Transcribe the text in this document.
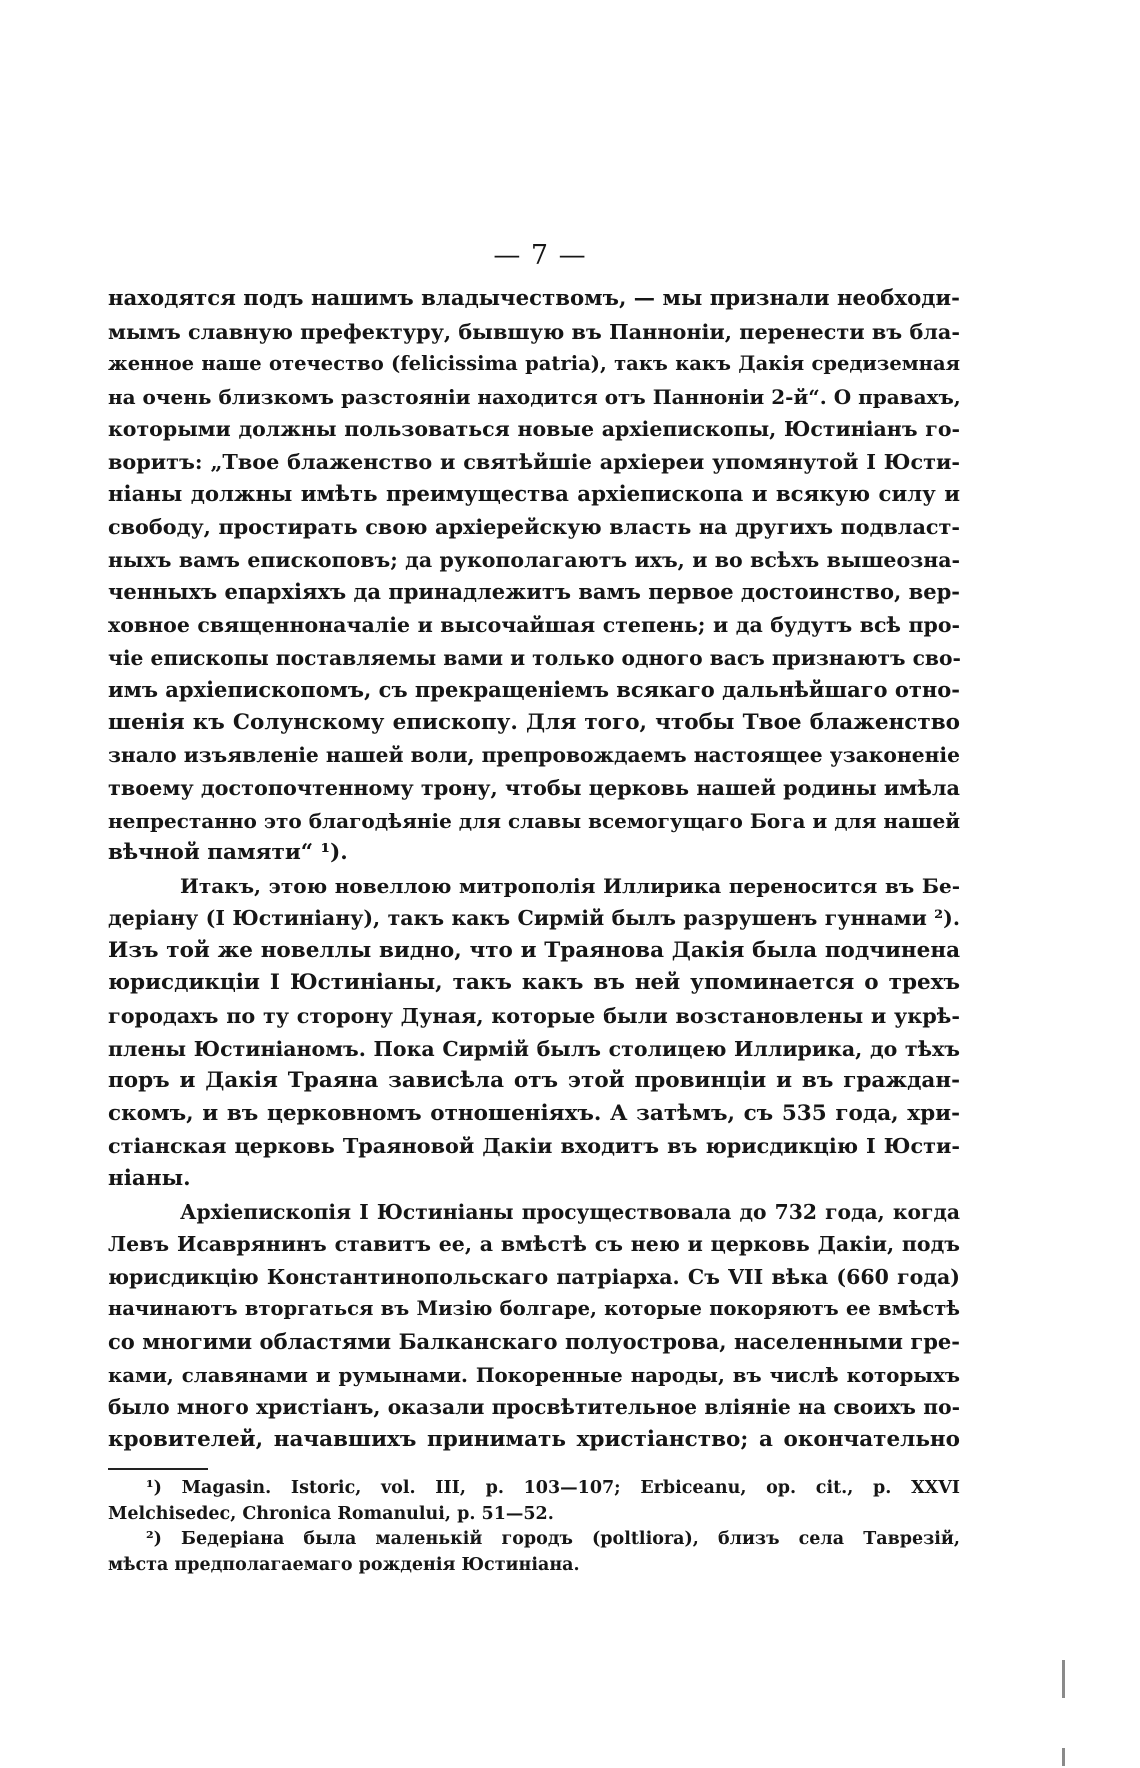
— 7 —
находятся подъ нашимъ владычествомъ, — мы признали необходи-
мымъ славную префектуру, бывшую въ Паннонiи, перенести въ бла-
женное наше отечество (felicissima patria), такъ какъ Дакiя средиземная
на очень близкомъ разстоянiи находится отъ Паннонiи 2-й“. О правахъ,
которыми должны пользоваться новые архiепископы, Юстинiанъ го-
воритъ: „Твое блаженство и святѣйшiе архiереи упомянутой I Юсти-
нiаны должны имѣть преимущества архiепископа и всякую силу и
свободу, простирать свою архiерейскую власть на другихъ подвласт-
ныхъ вамъ епископовъ; да рукополагаютъ ихъ, и во всѣхъ вышеозна-
ченныхъ епархiяхъ да принадлежитъ вамъ первое достоинство, вер-
ховное священноначалiе и высочайшая степень; и да будутъ всѣ про-
чiе епископы поставляемы вами и только одного васъ признаютъ сво-
имъ архiепископомъ, съ прекращенiемъ всякаго дальнѣйшаго отно-
шенiя къ Солунскому епископу. Для того, чтобы Твое блаженство
знало изъявленiе нашей воли, препровождаемъ настоящее узаконенiе
твоему достопочтенному трону, чтобы церковь нашей родины имѣла
непрестанно это благодѣянiе для славы всемогущаго Бога и для нашей
вѣчной памяти“ ¹).
Итакъ, этою новеллою митрополiя Иллирика переносится въ Бе-
дерiану (I Юстинiану), такъ какъ Сирмiй былъ разрушенъ гуннами ²).
Изъ той же новеллы видно, что и Траянова Дакiя была подчинена
юрисдикцiи I Юстинiаны, такъ какъ въ ней упоминается о трехъ
городахъ по ту сторону Дуная, которые были возстановлены и укрѣ-
плены Юстинiаномъ. Пока Сирмiй былъ столицею Иллирика, до тѣхъ
поръ и Дакiя Траяна зависѣла отъ этой провинцiи и въ граждан-
скомъ, и въ церковномъ отношенiяхъ. А затѣмъ, съ 535 года, хри-
стiанская церковь Траяновой Дакiи входитъ въ юрисдикцiю I Юсти-
нiаны.
Архiепископiя I Юстинiаны просуществовала до 732 года, когда
Левъ Исаврянинъ ставитъ ее, а вмѣстѣ съ нею и церковь Дакiи, подъ
юрисдикцiю Константинопольскаго патрiарха. Съ VII вѣка (660 года)
начинаютъ вторгаться въ Мизiю болгаре, которые покоряютъ ее вмѣстѣ
со многими областями Балканскаго полуострова, населенными гре-
ками, славянами и румынами. Покоренные народы, въ числѣ которыхъ
было много христiанъ, оказали просвѣтительное влiянiе на своихъ по-
кровителей, начавшихъ принимать христiанство; а окончательно
¹) Magasin. Istoric, vol. III, p. 103—107; Erbiceanu, op. cit., p. XXVI
Melchisedec, Chronica Romanului, p. 51—52.
²) Бедерiана была маленькiй городъ (poltliora), близъ села Тaврезiй,
мѣста предполагаемаго рожденiя Юстинiана.
